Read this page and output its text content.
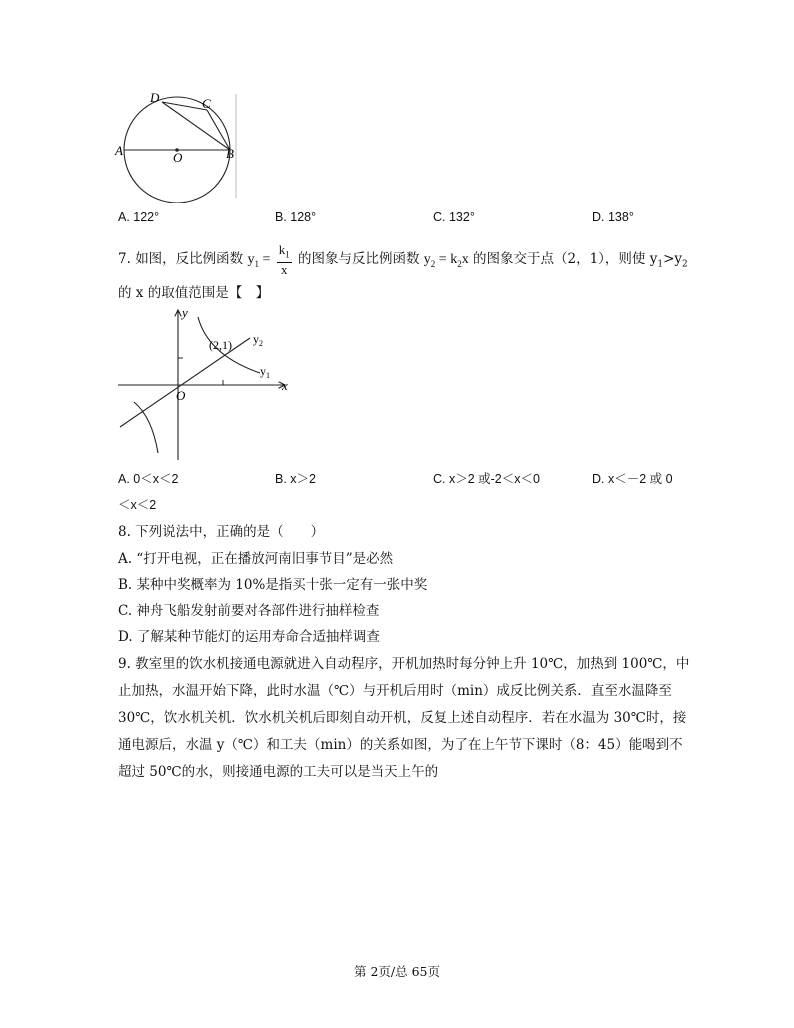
D	C
A	O	B
A. 122°	B. 128°	C. 132°	D. 138°
7. 如图，反比例函数 $y_1 = \frac{k_1}{x}$ 的图象与反比例函数 $y_2 = k_2x$ 的图象交于点（2，1），则使 $y_1>y_2$
的 x 的取值范围是【　】
y
x
O
(2,1) $y_2$
$y_1$
A. 0＜x＜2	B. x＞2	C. x＞2 或-2＜x＜0	D. x＜－2 或 0
＜x＜2
8. 下列说法中，正确的是（　　）
A. “打开电视，正在播放河南旧事节目”是必然
B. 某种中奖概率为 10%是指买十张一定有一张中奖
C. 神舟飞船发射前要对各部件进行抽样检查
D. 了解某种节能灯的运用寿命合适抽样调查
9. 教室里的饮水机接通电源就进入自动程序，开机加热时每分钟上升 10℃，加热到 100℃，中
止加热，水温开始下降，此时水温（℃）与开机后用时（min）成反比例关系．直至水温降至
30℃，饮水机关机．饮水机关机后即刻自动开机，反复上述自动程序．若在水温为 30℃时，接
通电源后，水温 y（℃）和工夫（min）的关系如图，为了在上午节下课时（8：45）能喝到不
超过 50℃的水，则接通电源的工夫可以是当天上午的
第 2页/总 65页
